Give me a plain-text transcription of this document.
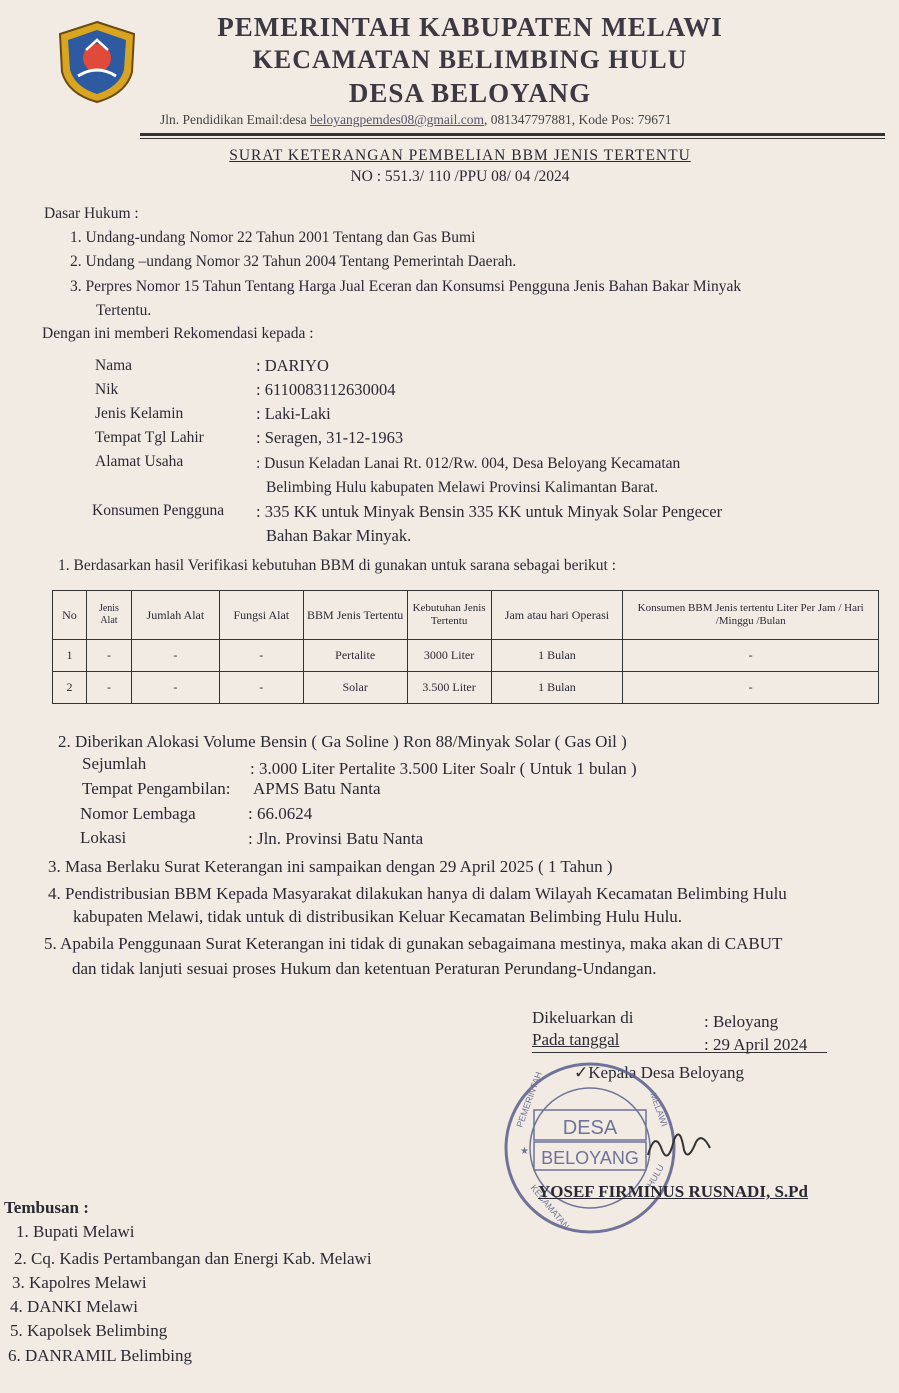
PEMERINTAH KABUPATEN MELAWI
KECAMATAN BELIMBING HULU
DESA BELOYANG
Jln. Pendidikan Email:desa beloyangpemdes08@gmail.com, 081347797881, Kode Pos: 79671
SURAT KETERANGAN PEMBELIAN BBM JENIS TERTENTU
NO : 551.3/ 110 /PPU 08/ 04 /2024
Dasar Hukum :
1. Undang-undang Nomor 22 Tahun 2001 Tentang dan Gas Bumi
2. Undang –undang Nomor 32 Tahun 2004 Tentang Pemerintah Daerah.
3. Perpres Nomor 15 Tahun Tentang Harga Jual Eceran dan Konsumsi Pengguna Jenis Bahan Bakar Minyak
Tertentu.
Dengan ini memberi Rekomendasi kepada :
Nama	: DARIYO
Nik	: 6110083112630004
Jenis Kelamin	: Laki-Laki
Tempat Tgl Lahir	: Seragen, 31-12-1963
Alamat Usaha	: Dusun Keladan Lanai Rt. 012/Rw. 004, Desa Beloyang Kecamatan
Belimbing Hulu kabupaten Melawi Provinsi Kalimantan Barat.
Konsumen Pengguna : 335 KK untuk Minyak Bensin 335 KK untuk Minyak Solar Pengecer
Bahan Bakar Minyak.
1. Berdasarkan hasil Verifikasi kebutuhan BBM di gunakan untuk sarana sebagai berikut :
No	Jenis Alat	Jumlah Alat	Fungsi Alat	BBM Jenis Tertentu	Kebutuhan Jenis Tertentu	Jam atau hari Operasi	Konsumen BBM Jenis tertentu Liter Per Jam / Hari /Minggu /Bulan
1	-	-	-	Pertalite	3000 Liter	1 Bulan	-
2	-	-	-	Solar	3.500 Liter	1 Bulan	-
2. Diberikan Alokasi Volume Bensin ( Ga Soline ) Ron 88/Minyak Solar ( Gas Oil )
Sejumlah	: 3.000 Liter Pertalite 3.500 Liter Soalr ( Untuk 1 bulan )
Tempat Pengambilan: APMS Batu Nanta
Nomor Lembaga	: 66.0624
Lokasi	: Jln. Provinsi Batu Nanta
3. Masa Berlaku Surat Keterangan ini sampaikan dengan 29 April 2025 ( 1 Tahun )
4. Pendistribusian BBM Kepada Masyarakat dilakukan hanya di dalam Wilayah Kecamatan Belimbing Hulu
kabupaten Melawi, tidak untuk di distribusikan Keluar Kecamatan Belimbing Hulu Hulu.
5. Apabila Penggunaan Surat Keterangan ini tidak di gunakan sebagaimana mestinya, maka akan di CABUT
dan tidak lanjuti sesuai proses Hukum dan ketentuan Peraturan Perundang-Undangan.
Dikeluarkan di	: Beloyang
Pada tanggal	: 29 April 2024
✓Kepala Desa Beloyang
DESA
BELOYANG
PEMERINTAH
KECAMATAN
MELAWI
HULU
★
YOSEF FIRMINUS RUSNADI, S.Pd
Tembusan :
1. Bupati Melawi
2. Cq. Kadis Pertambangan dan Energi Kab. Melawi
3. Kapolres Melawi
4. DANKI Melawi
5. Kapolsek Belimbing
6. DANRAMIL Belimbing
